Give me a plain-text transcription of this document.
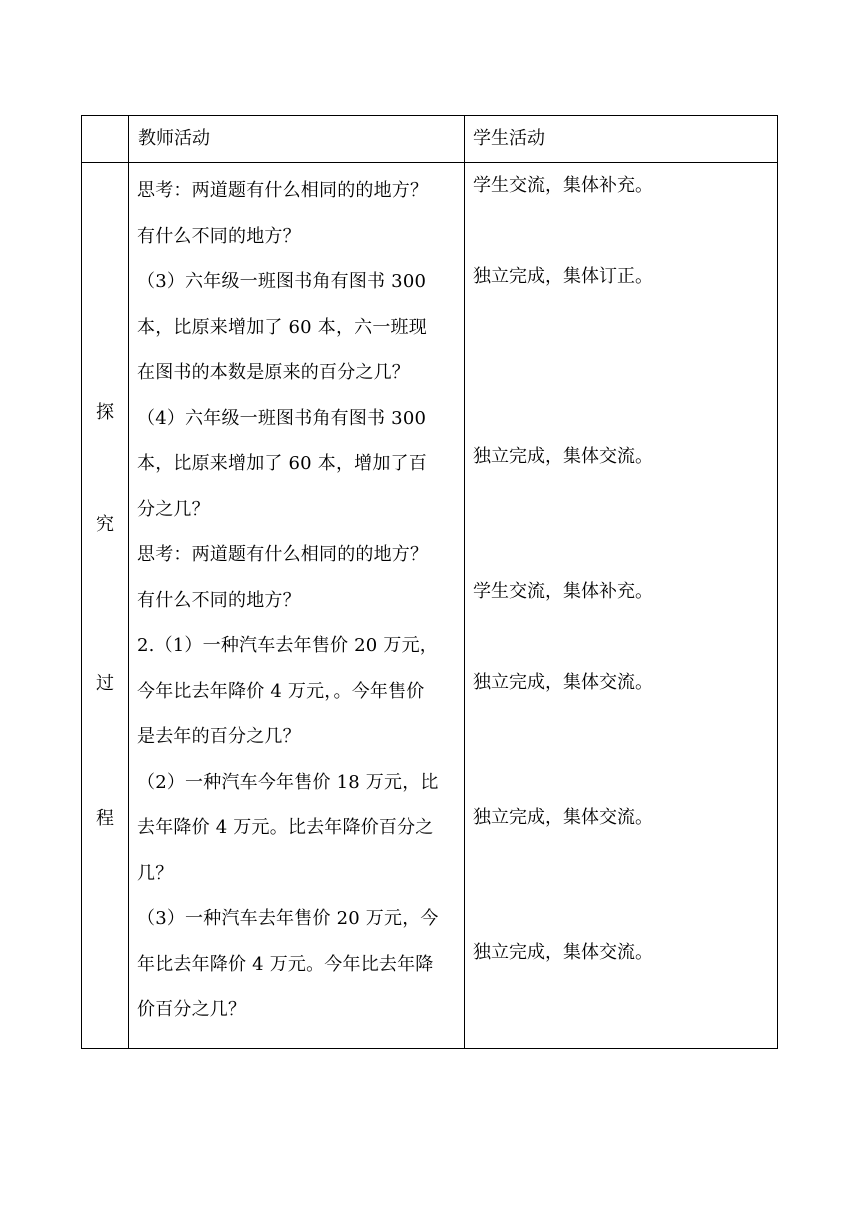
教师活动	学生活动
探
究
过
程
思考：两道题有什么相同的的地方？
有什么不同的地方？
（3）六年级一班图书角有图书 300
本，比原来增加了 60 本，六一班现
在图书的本数是原来的百分之几？
（4）六年级一班图书角有图书 300
本，比原来增加了 60 本，增加了百
分之几？
思考：两道题有什么相同的的地方？
有什么不同的地方？
2.（1）一种汽车去年售价 20 万元，
今年比去年降价 4 万元，。今年售价
是去年的百分之几？
（2）一种汽车今年售价 18 万元，比
去年降价 4 万元。比去年降价百分之
几？
（3）一种汽车去年售价 20 万元，今
年比去年降价 4 万元。今年比去年降
价百分之几？
学生交流，集体补充。
独立完成，集体订正。
独立完成，集体交流。
学生交流，集体补充。
独立完成，集体交流。
独立完成，集体交流。
独立完成，集体交流。
